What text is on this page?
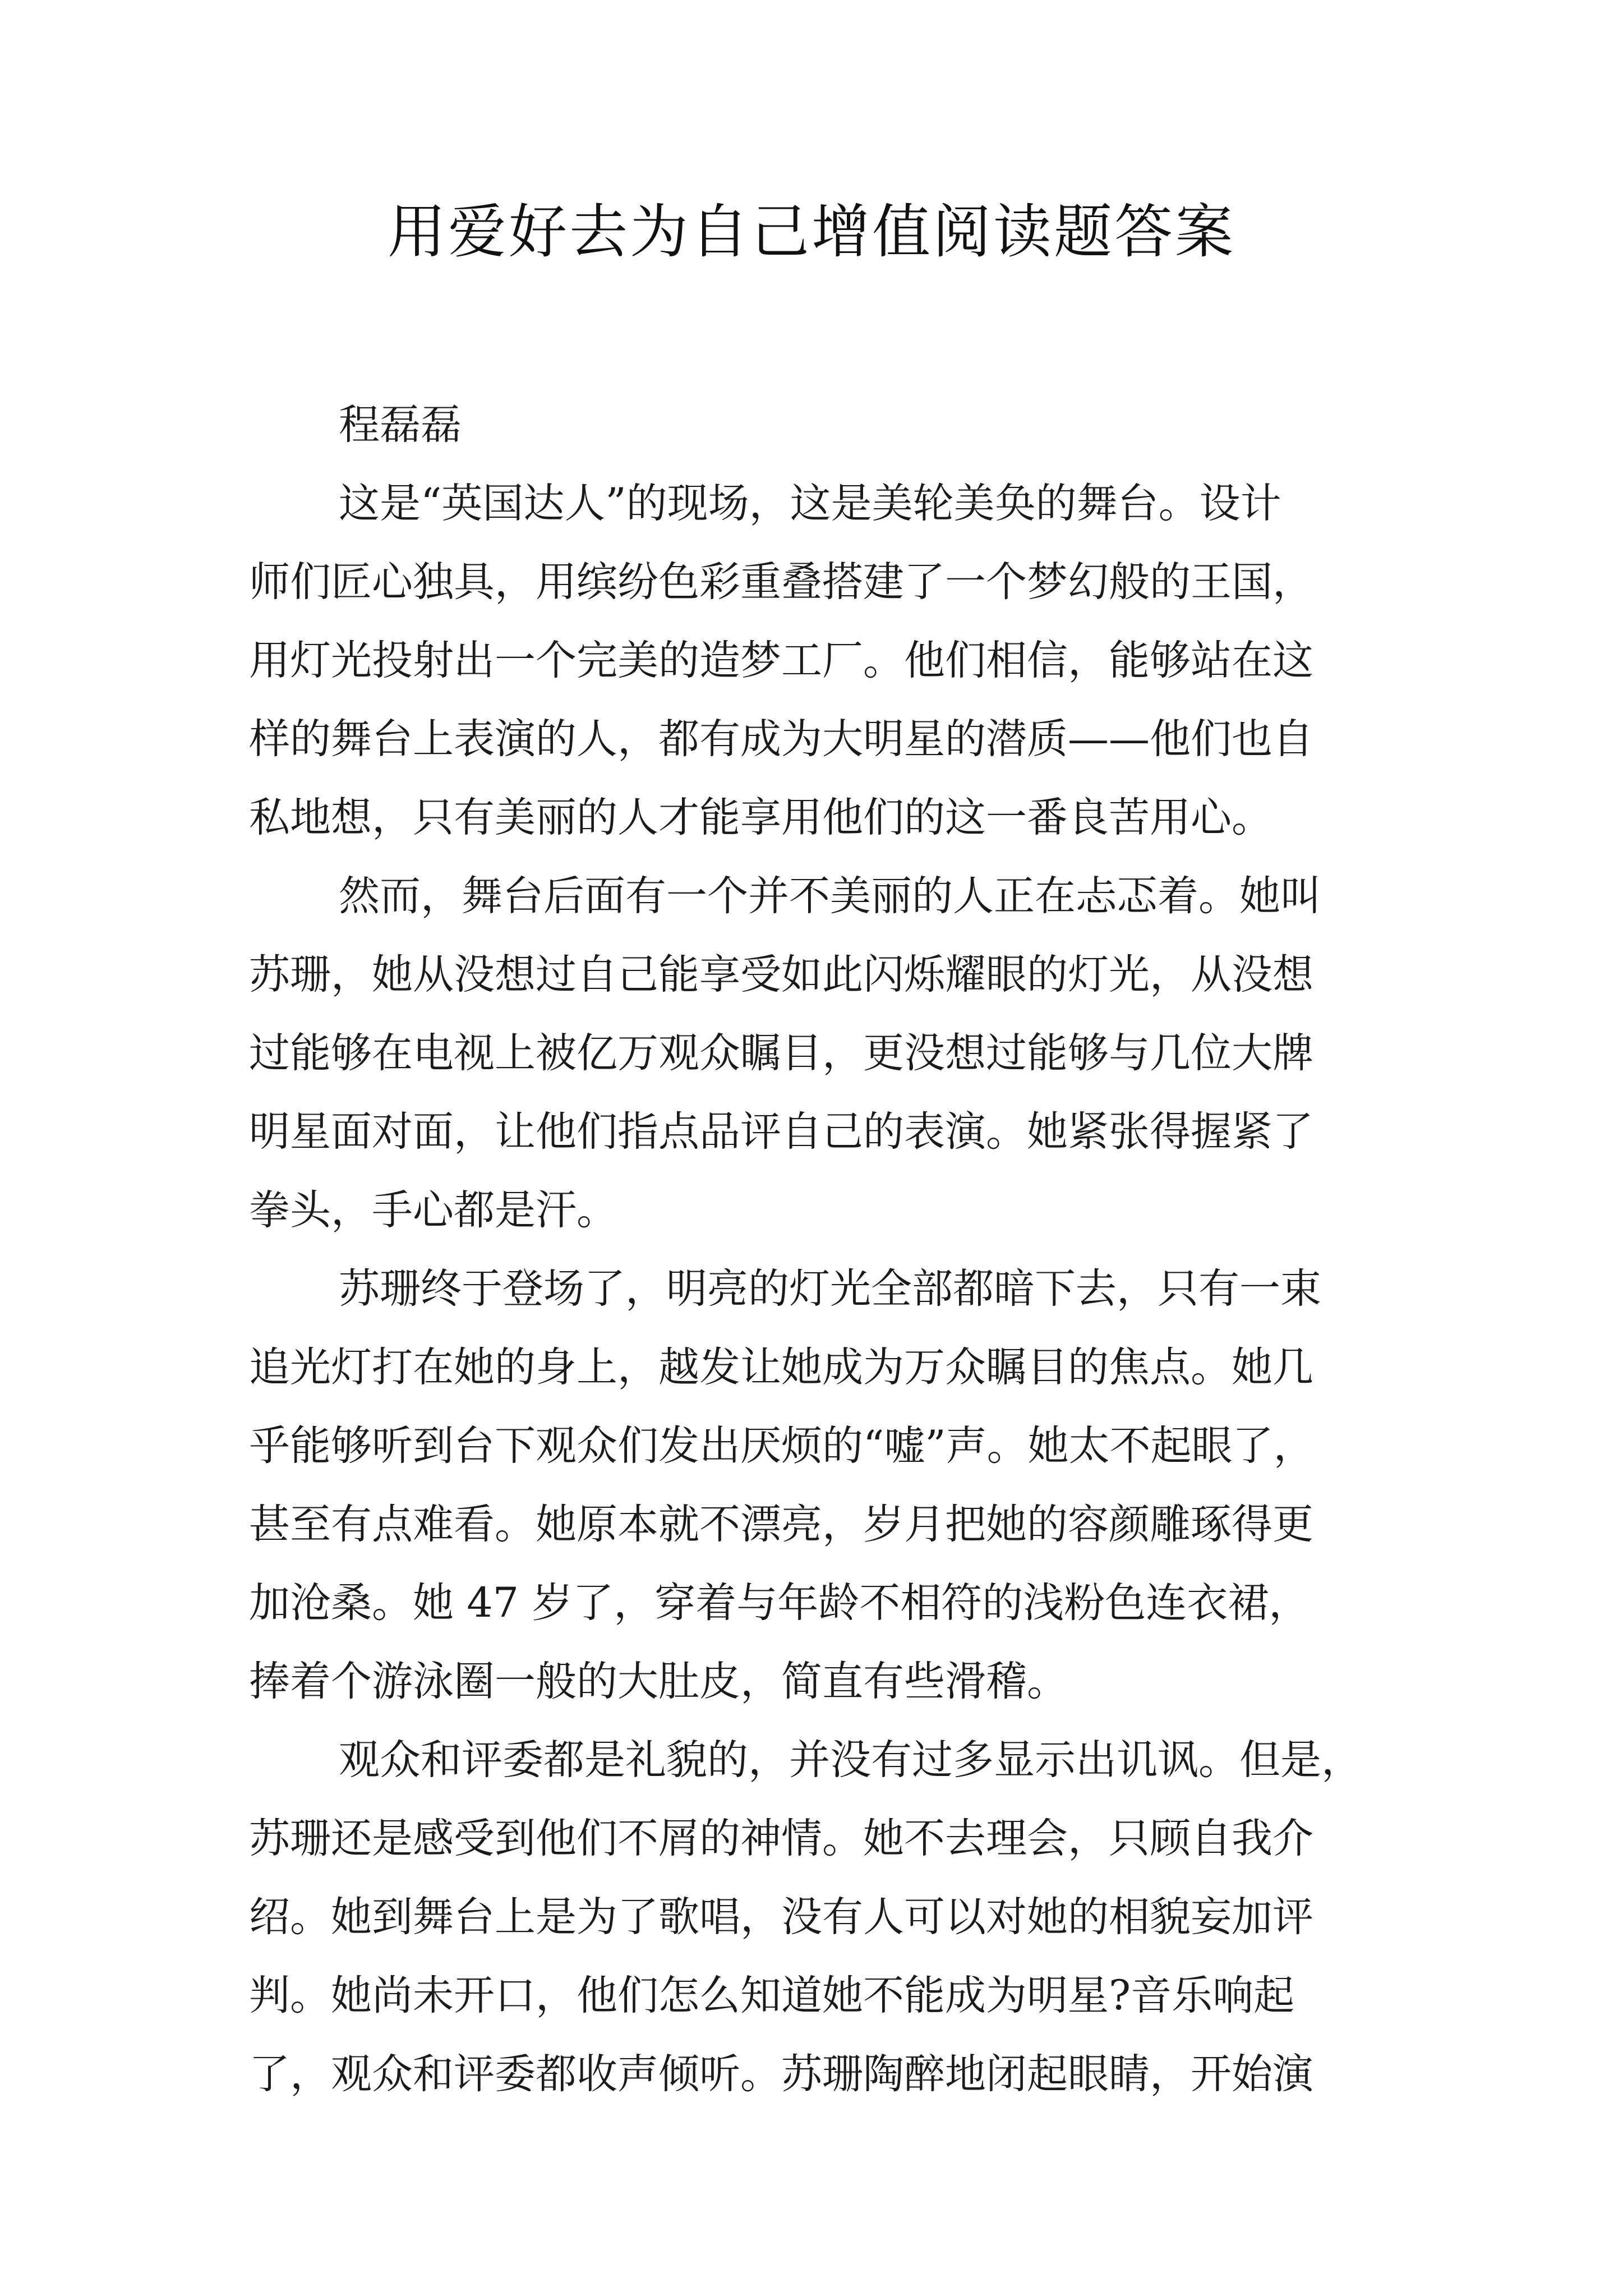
用爱好去为自己增值阅读题答案

程磊磊

这是“英国达人”的现场，这是美轮美奂的舞台。设计

师们匠心独具，用缤纷色彩重叠搭建了一个梦幻般的王国，

用灯光投射出一个完美的造梦工厂。他们相信，能够站在这

样的舞台上表演的人，都有成为大明星的潜质——他们也自

私地想，只有美丽的人才能享用他们的这一番良苦用心。

然而，舞台后面有一个并不美丽的人正在忐忑着。她叫

苏珊，她从没想过自己能享受如此闪烁耀眼的灯光，从没想

过能够在电视上被亿万观众瞩目，更没想过能够与几位大牌

明星面对面，让他们指点品评自己的表演。她紧张得握紧了

拳头，手心都是汗。

苏珊终于登场了，明亮的灯光全部都暗下去，只有一束

追光灯打在她的身上，越发让她成为万众瞩目的焦点。她几

乎能够听到台下观众们发出厌烦的“嘘”声。她太不起眼了，

甚至有点难看。她原本就不漂亮，岁月把她的容颜雕琢得更

加沧桑。她 47 岁了，穿着与年龄不相符的浅粉色连衣裙，

捧着个游泳圈一般的大肚皮，简直有些滑稽。

观众和评委都是礼貌的，并没有过多显示出讥讽。但是，

苏珊还是感受到他们不屑的神情。她不去理会，只顾自我介

绍。她到舞台上是为了歌唱，没有人可以对她的相貌妄加评

判。她尚未开口，他们怎么知道她不能成为明星?音乐响起

了，观众和评委都收声倾听。苏珊陶醉地闭起眼睛，开始演
